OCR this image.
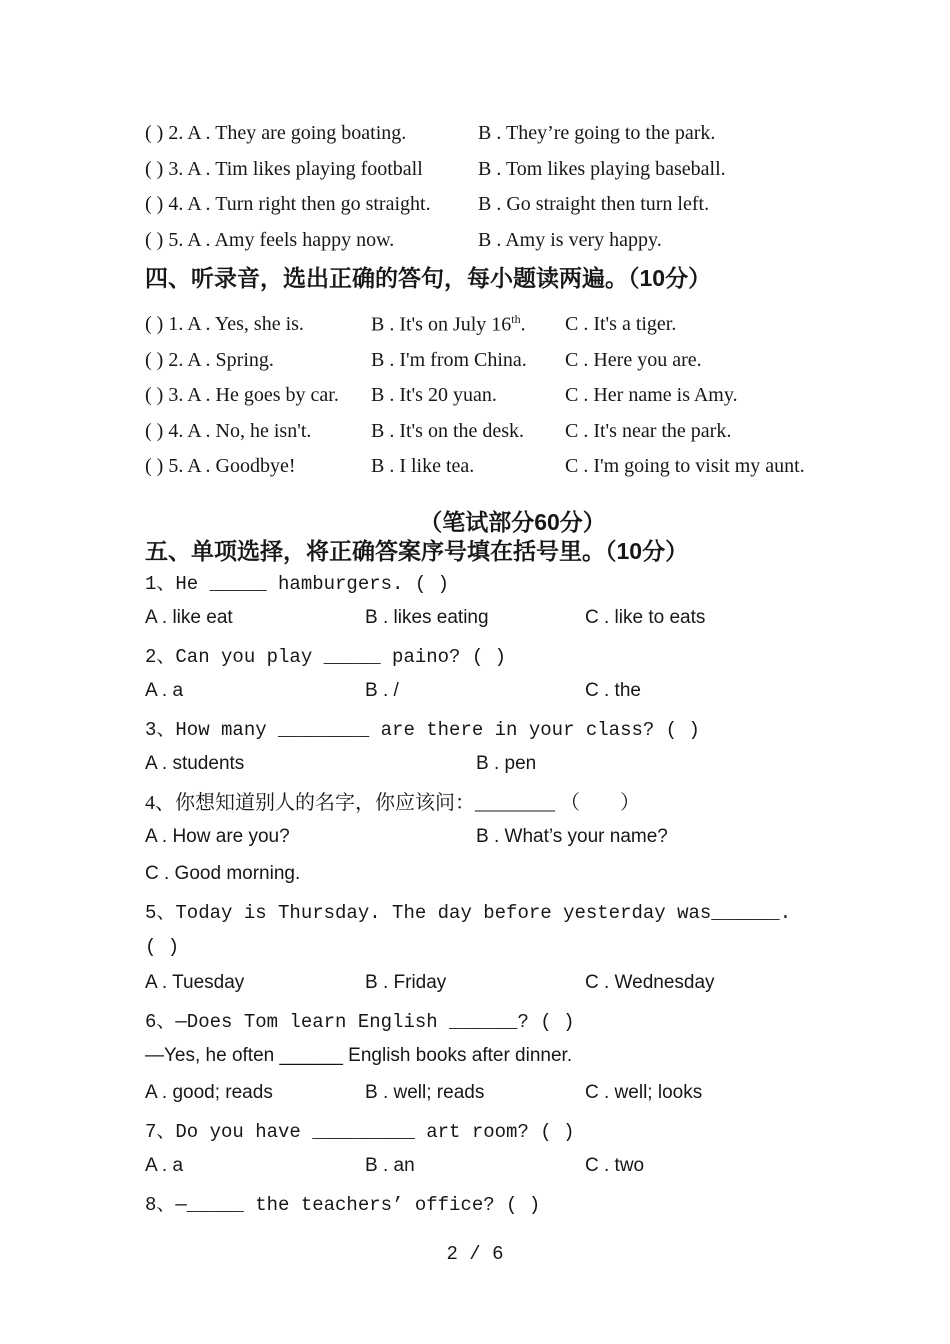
( ) 2. A . They are going boating.	B . They’re going to the park.
( ) 3. A . Tim likes playing football	B . Tom likes playing baseball.
( ) 4. A . Turn right then go straight.	B . Go straight then turn left.
( ) 5. A . Amy feels happy now.	B . Amy is very happy.
四、听录音，选出正确的答句，每小题读两遍。（10分）
( ) 1. A . Yes, she is.	B . It's on July 16th.	C . It's a tiger.
( ) 2. A . Spring.	B . I'm from China.	C . Here you are.
( ) 3. A . He goes by car.	B . It's 20 yuan.	C . Her name is Amy.
( ) 4. A . No, he isn't.	B . It's on the desk.	C . It's near the park.
( ) 5. A . Goodbye!	B . I like tea.	C . I'm going to visit my aunt.
（笔试部分60分）
五、单项选择，将正确答案序号填在括号里。（10分）
1、He _____ hamburgers. ( )
A . like eat	B . likes eating	C . like to eats
2、Can you play _____ paino? ( )
A . a	B . /	C . the
3、How many ________ are there in your class? ( )
A . students	B . pen
4、你想知道别人的名字，你应该问：________ （　　）
A . How are you?	B . What’s your name?
C . Good morning.
5、Today is Thursday. The day before yesterday was______.
( )
A . Tuesday	B . Friday	C . Wednesday
6、—Does Tom learn English ______? ( )
—Yes, he often ______ English books after dinner.
A . good; reads	B . well; reads	C . well; looks
7、Do you have _________ art room? ( )
A . a	B . an	C . two
8、—_____ the teachers’ office? ( )
2 / 6
